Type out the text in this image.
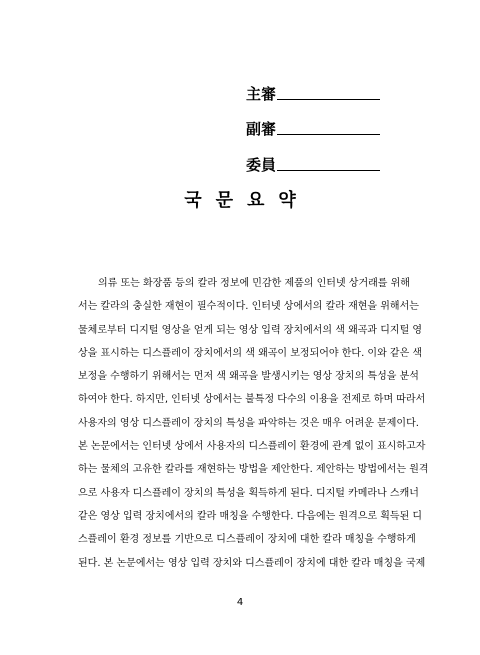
主審
副審
委員
국문요약
의류 또는 화장품 등의 칼라 정보에 민감한 제품의 인터넷 상거래를 위해
서는 칼라의 충실한 재현이 필수적이다. 인터넷 상에서의 칼라 재현을 위해서는
물체로부터 디지털 영상을 얻게 되는 영상 입력 장치에서의 색 왜곡과 디지털 영
상을 표시하는 디스플레이 장치에서의 색 왜곡이 보정되어야 한다. 이와 같은 색
보정을 수행하기 위해서는 먼저 색 왜곡을 발생시키는 영상 장치의 특성을 분석
하여야 한다. 하지만, 인터넷 상에서는 불특정 다수의 이용을 전제로 하며 따라서
사용자의 영상 디스플레이 장치의 특성을 파악하는 것은 매우 어려운 문제이다.
본 논문에서는 인터넷 상에서 사용자의 디스플레이 환경에 관계 없이 표시하고자
하는 물체의 고유한 칼라를 재현하는 방법을 제안한다. 제안하는 방법에서는 원격
으로 사용자 디스플레이 장치의 특성을 획득하게 된다. 디지털 카메라나 스캐너
같은 영상 입력 장치에서의 칼라 매칭을 수행한다. 다음에는 원격으로 획득된 디
스플레이 환경 정보를 기반으로 디스플레이 장치에 대한 칼라 매칭을 수행하게
된다. 본 논문에서는 영상 입력 장치와 디스플레이 장치에 대한 칼라 매칭을 국제
4
